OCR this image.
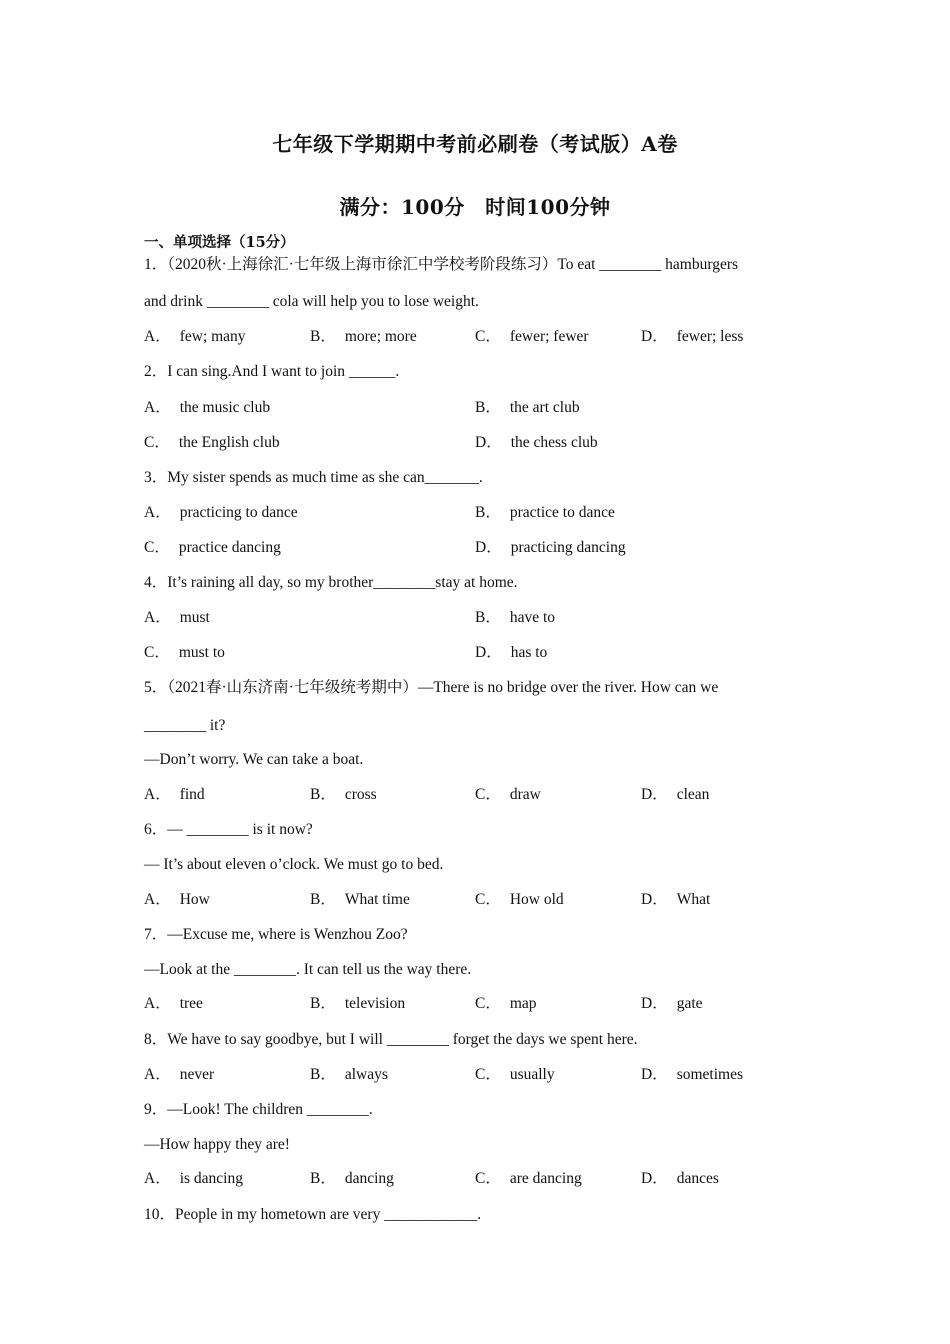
七年级下学期期中考前必刷卷（考试版）A卷
满分：100分　时间100分钟
一、单项选择（15分）
1．（2020秋·上海徐汇·七年级上海市徐汇中学校考阶段练习）To eat ________ hamburgers
and drink ________ cola will help you to lose weight.
A． few; many	B． more; more	C． fewer; fewer	D． fewer; less
2．I can sing.And I want to join ______.
A． the music club	B． the art club
C． the English club	D． the chess club
3．My sister spends as much time as she can_______.
A． practicing to dance	B． practice to dance
C． practice dancing	D． practicing dancing
4．It’s raining all day, so my brother________stay at home.
A． must	B． have to
C． must to	D． has to
5．（2021春·山东济南·七年级统考期中）—There is no bridge over the river. How can we
________ it?
—Don’t worry. We can take a boat.
A． find	B． cross	C． draw	D． clean
6．— ________ is it now?
— It’s about eleven o’clock. We must go to bed.
A． How	B． What time	C． How old	D． What
7．—Excuse me, where is Wenzhou Zoo?
—Look at the ________. It can tell us the way there.
A． tree	B． television	C． map	D． gate
8．We have to say goodbye, but I will ________ forget the days we spent here.
A． never	B． always	C． usually	D． sometimes
9．—Look! The children ________.
—How happy they are!
A． is dancing	B． dancing	C． are dancing	D． dances
10．People in my hometown are very ____________.
